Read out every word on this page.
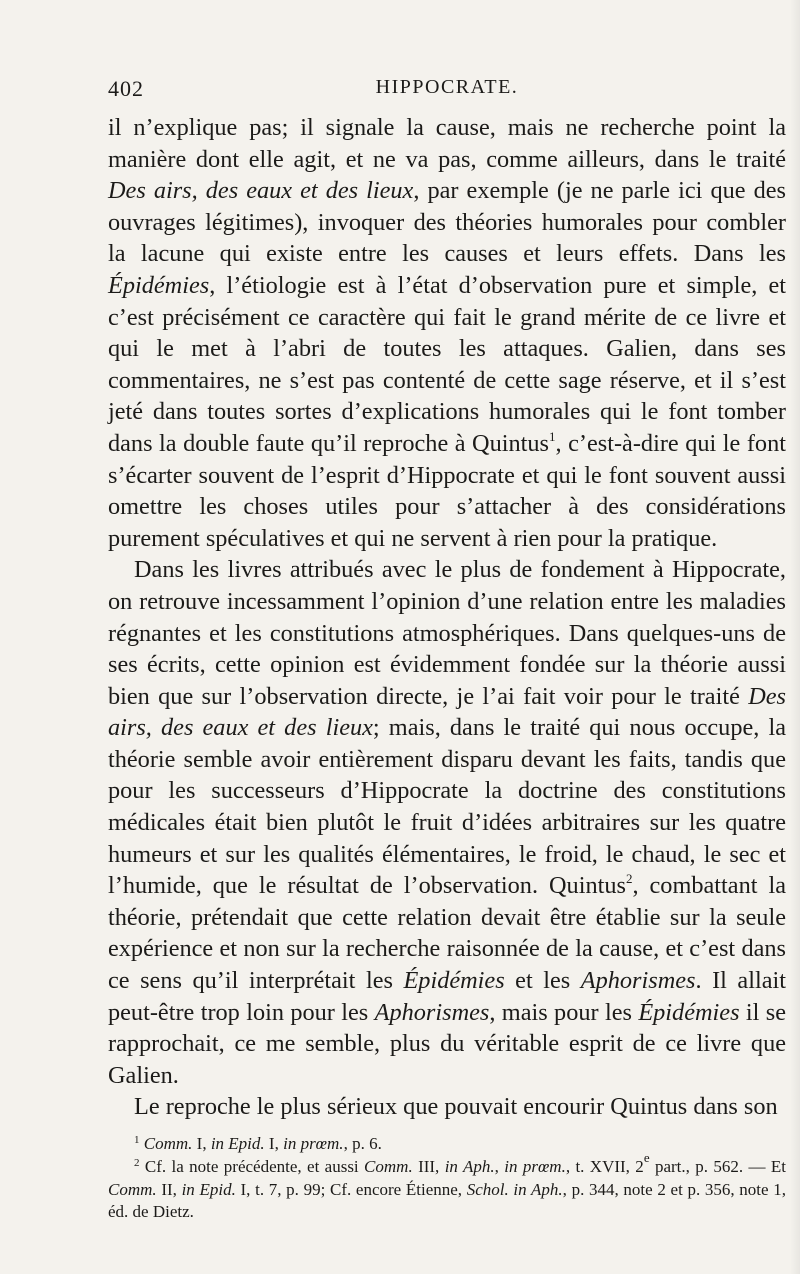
402	HIPPOCRATE.

il n’explique pas; il signale la cause, mais ne recherche point la manière dont elle agit, et ne va pas, comme ailleurs, dans le traité Des airs, des eaux et des lieux, par exemple (je ne parle ici que des ouvrages légitimes), invoquer des théories humorales pour combler la lacune qui existe entre les causes et leurs effets. Dans les Épidémies, l’étiologie est à l’état d’observation pure et simple, et c’est précisément ce caractère qui fait le grand mérite de ce livre et qui le met à l’abri de toutes les attaques. Galien, dans ses commentaires, ne s’est pas contenté de cette sage réserve, et il s’est jeté dans toutes sortes d’explications humorales qui le font tomber dans la double faute qu’il reproche à Quintus$^1$, c’est-à-dire qui le font s’écarter souvent de l’esprit d’Hippocrate et qui le font souvent aussi omettre les choses utiles pour s’attacher à des considérations purement spéculatives et qui ne servent à rien pour la pratique.

Dans les livres attribués avec le plus de fondement à Hippocrate, on retrouve incessamment l’opinion d’une relation entre les maladies régnantes et les constitutions atmosphériques. Dans quelques-uns de ses écrits, cette opinion est évidemment fondée sur la théorie aussi bien que sur l’observation directe, je l’ai fait voir pour le traité Des airs, des eaux et des lieux; mais, dans le traité qui nous occupe, la théorie semble avoir entièrement disparu devant les faits, tandis que pour les successeurs d’Hippocrate la doctrine des constitutions médicales était bien plutôt le fruit d’idées arbitraires sur les quatre humeurs et sur les qualités élémentaires, le froid, le chaud, le sec et l’humide, que le résultat de l’observation. Quintus$^2$, combattant la théorie, prétendait que cette relation devait être établie sur la seule expérience et non sur la recherche raisonnée de la cause, et c’est dans ce sens qu’il interprétait les Épidémies et les Aphorismes. Il allait peut-être trop loin pour les Aphorismes, mais pour les Épidémies il se rapprochait, ce me semble, plus du véritable esprit de ce livre que Galien.

Le reproche le plus sérieux que pouvait encourir Quintus dans son

$^1$ Comm. I, in Epid. I, in prœm., p. 6.

$^2$ Cf. la note précédente, et aussi Comm. III, in Aph., in prœm., t. XVII, 2e part., p. 562. — Et Comm. II, in Epid. I, t. 7, p. 99; Cf. encore Étienne, Schol. in Aph., p. 344, note 2 et p. 356, note 1, éd. de Dietz.
